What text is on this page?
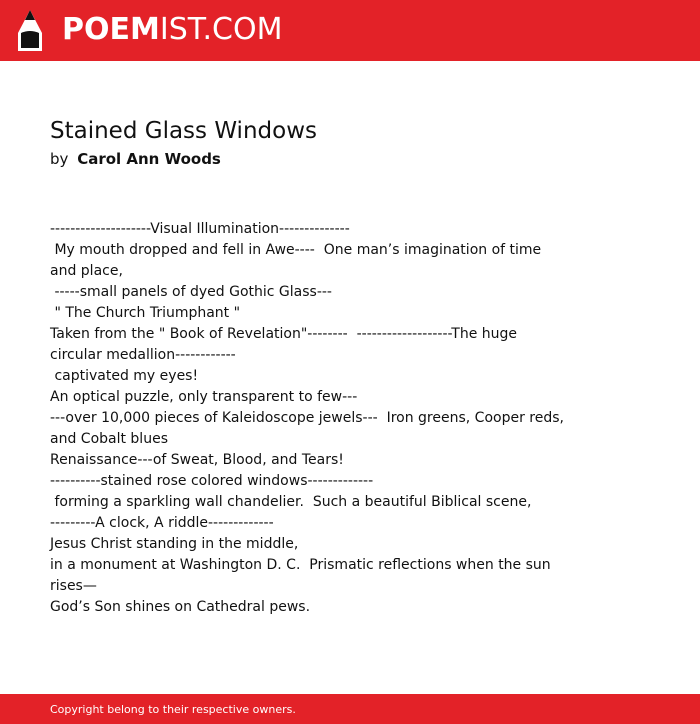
POEMIST.COM
Stained Glass Windows
by Carol Ann Woods
--------------------Visual Illumination--------------
My mouth dropped and fell in Awe----  One man’s imagination of time and place,
-----small panels of dyed Gothic Glass---
" The Church Triumphant "
Taken from the " Book of Revelation"--------  -------------------The huge circular medallion------------
captivated my eyes!
An optical puzzle, only transparent to few---
---over 10,000 pieces of Kaleidoscope jewels---  Iron greens, Cooper reds, and Cobalt blues
Renaissance---of Sweat, Blood, and Tears!
----------stained rose colored windows-------------
forming a sparkling wall chandelier.  Such a beautiful Biblical scene,
---------A clock, A riddle-------------
Jesus Christ standing in the middle,
in a monument at Washington D. C.  Prismatic reflections when the sun rises—
God’s Son shines on Cathedral pews.
Copyright belong to their respective owners.
